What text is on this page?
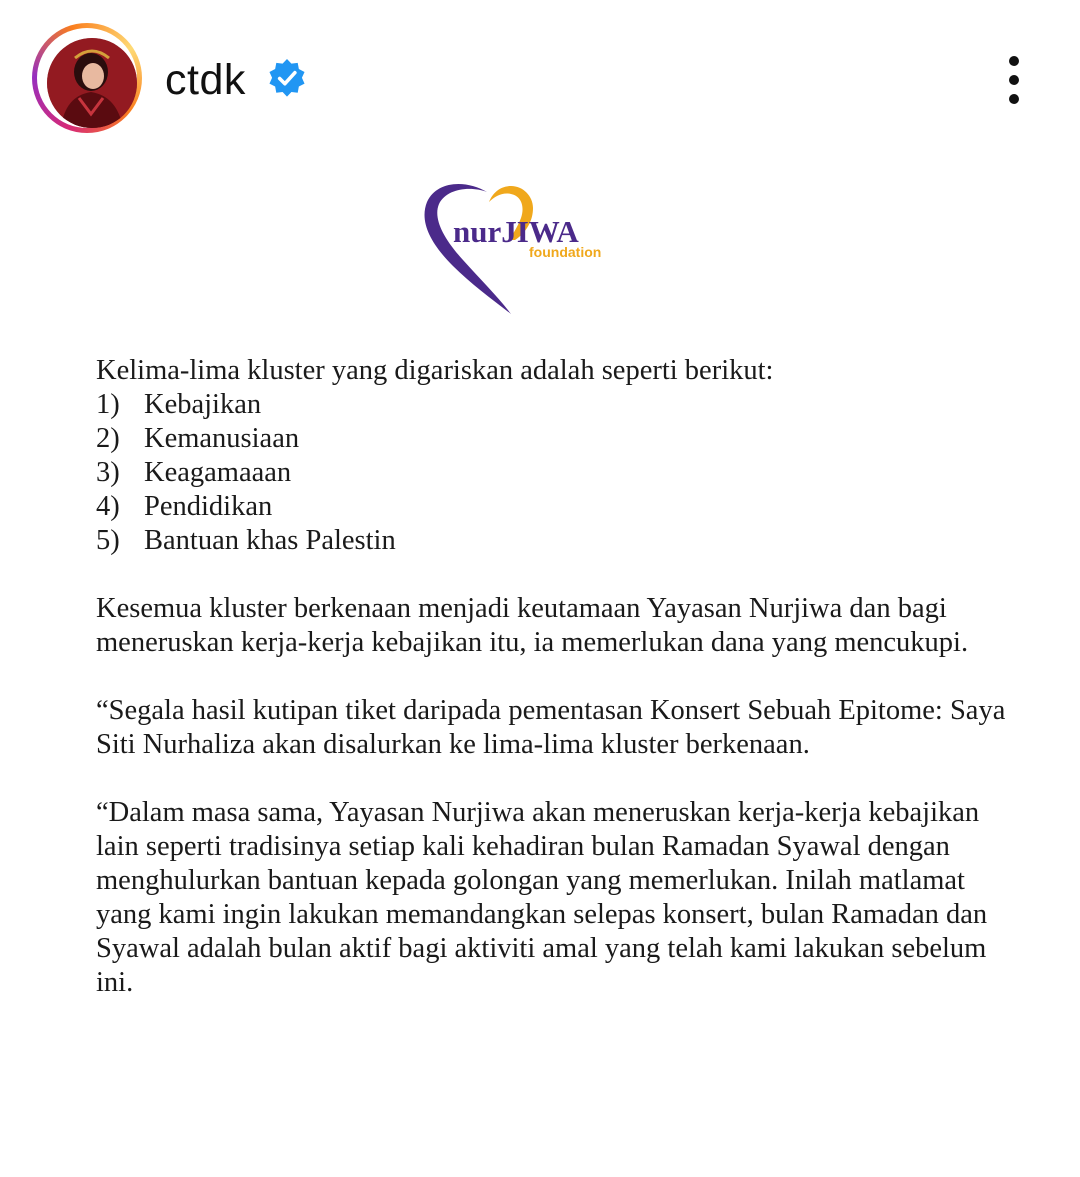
ctdk
nurJIWA
foundation

Kelima-lima kluster yang digariskan adalah seperti berikut:

1) Kebajikan
2) Kemanusiaan
3) Keagamaaan
4) Pendidikan
5) Bantuan khas Palestin

Kesemua kluster berkenaan menjadi keutamaan Yayasan Nurjiwa dan bagi meneruskan kerja-kerja kebajikan itu, ia memerlukan dana yang mencukupi.

“Segala hasil kutipan tiket daripada pementasan Konsert Sebuah Epitome: Saya Siti Nurhaliza akan disalurkan ke lima-lima kluster berkenaan.

“Dalam masa sama, Yayasan Nurjiwa akan meneruskan kerja-kerja kebajikan lain seperti tradisinya setiap kali kehadiran bulan Ramadan Syawal dengan menghulurkan bantuan kepada golongan yang memerlukan. Inilah matlamat yang kami ingin lakukan memandangkan selepas konsert, bulan Ramadan dan Syawal adalah bulan aktif bagi aktiviti amal yang telah kami lakukan sebelum ini.
